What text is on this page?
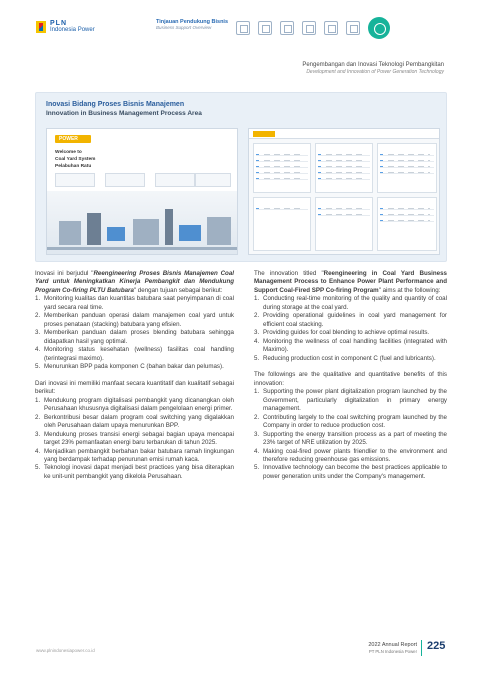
PLN
Indonesia Power
Tinjauan Pendukung Bisnis
Business Support Overview
Pengembangan dan Inovasi Teknologi Pembangkitan
Development and Innovation of Power Generation Technology
Inovasi Bidang Proses Bisnis Manajemen
Innovation in Business Management Process Area
POWER
Welcome to
Coal Yard System
Pelabuhan Ratu

Inovasi ini berjudul "Reengineering Proses Bisnis Manajemen Coal Yard untuk Meningkatkan Kinerja Pembangkit dan Mendukung Program Co-firing PLTU Batubara" dengan tujuan sebagai berikut:

1. Monitoring kualitas dan kuantitas batubara saat penyimpanan di coal yard secara real time.
2. Memberikan panduan operasi dalam manajemen coal yard untuk proses penataan (stacking) batubara yang efisien.
3. Memberikan panduan dalam proses blending batubara sehingga didapatkan hasil yang optimal.
4. Monitoring status kesehatan (wellness) fasilitas coal handling (terintegrasi maximo).
5. Menurunkan BPP pada komponen C (bahan bakar dan pelumas).

Dari inovasi ini memiliki manfaat secara kuantitatif dan kualitatif sebagai berikut:

1. Mendukung program digitalisasi pembangkit yang dicanangkan oleh Perusahaan khususnya digitalisasi dalam pengelolaan energi primer.
2. Berkontribusi besar dalam program coal switching yang digalakkan oleh Perusahaan dalam upaya menurunkan BPP.
3. Mendukung proses transisi energi sebagai bagian upaya mencapai target 23% pemanfaatan energi baru terbarukan di tahun 2025.
4. Menjadikan pembangkit berbahan bakar batubara ramah lingkungan yang berdampak terhadap penurunan emisi rumah kaca.
5. Teknologi inovasi dapat menjadi best practices yang bisa diterapkan ke unit-unit pembangkit yang dikelola Perusahaan.

The innovation titled "Reengineering in Coal Yard Business Management Process to Enhance Power Plant Performance and Support Coal-Fired SPP Co-firing Program" aims at the following:

1. Conducting real-time monitoring of the quality and quantity of coal during storage at the coal yard.
2. Providing operational guidelines in coal yard management for efficient coal stacking.
3. Providing guides for coal blending to achieve optimal results.
4. Monitoring the wellness of coal handling facilities (integrated with Maximo).
5. Reducing production cost in component C (fuel and lubricants).

The followings are the qualitative and quantitative benefits of this innovation:

1. Supporting the power plant digitalization program launched by the Government, particularly digitalization in primary energy management.
2. Contributing largely to the coal switching program launched by the Company in order to reduce production cost.
3. Supporting the energy transition process as a part of meeting the 23% target of NRE utilization by 2025.
4. Making coal-fired power plants friendlier to the environment and therefore reducing greenhouse gas emissions.
5. Innovative technology can become the best practices applicable to power generation units under the Company's management.
www.plnindonesiapower.co.id
2022 Annual Report
PT PLN Indonesia Power 225
